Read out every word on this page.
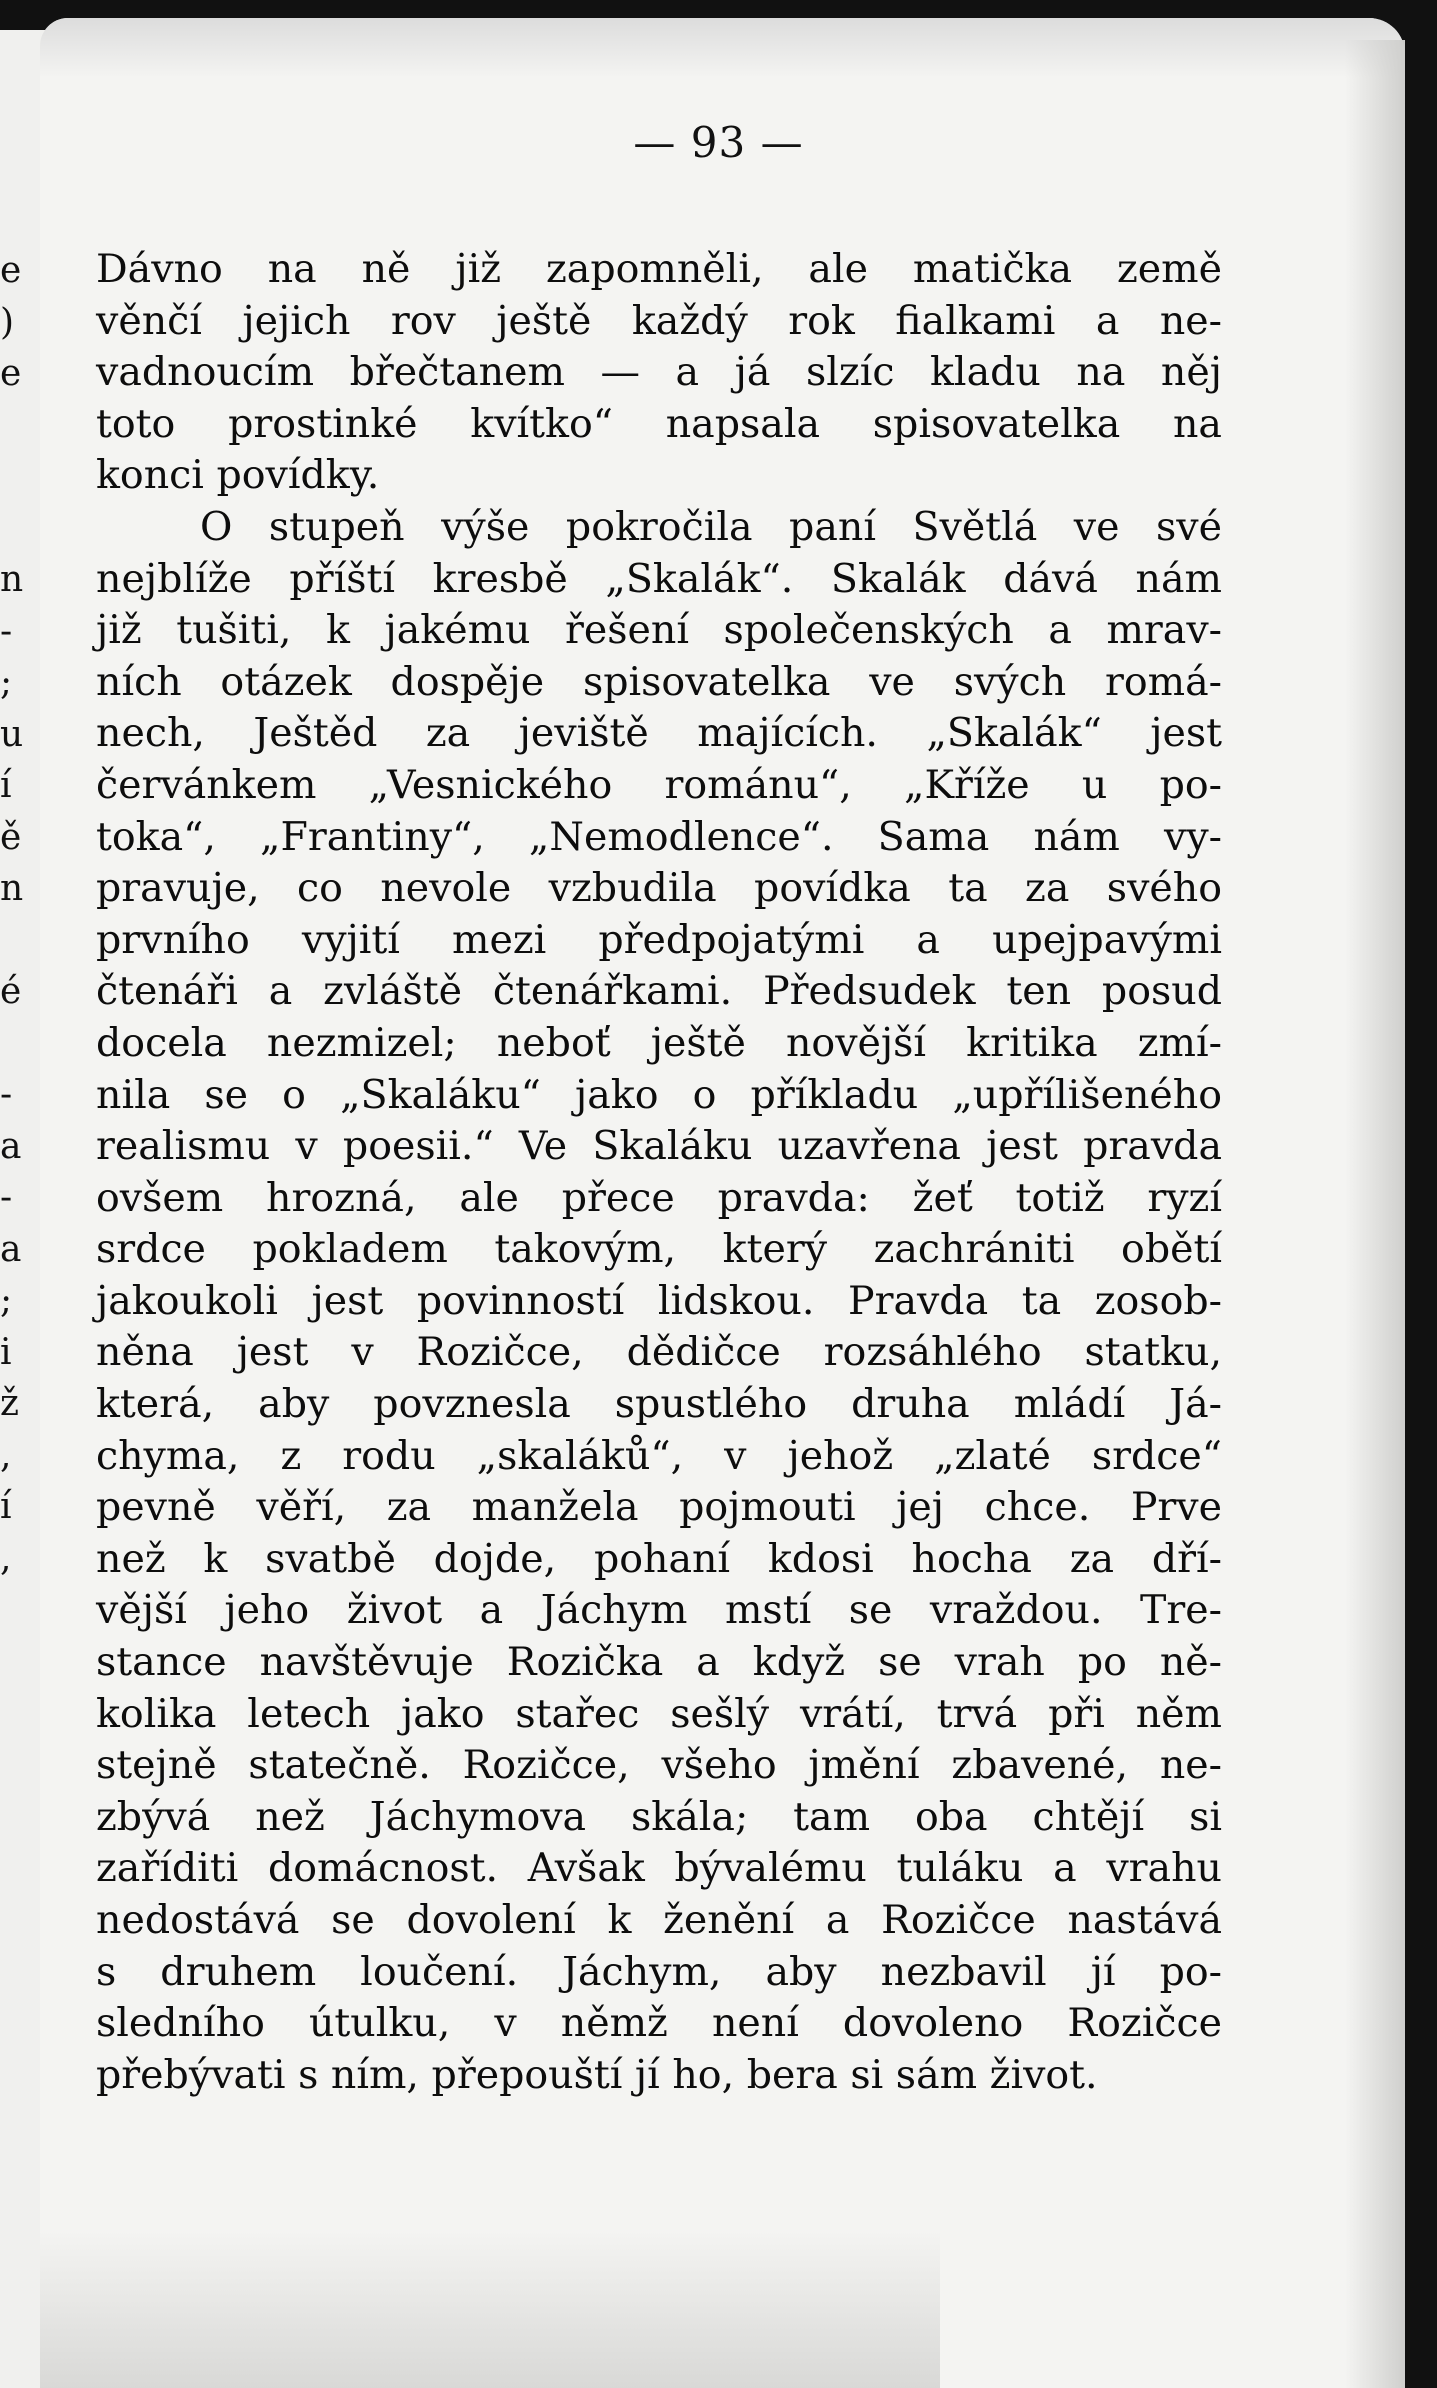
e
)
e
n
-
;
u
í
ě
n
é
-
a
-
a
;
i
ž
,
í
,
— 93 —
Dávno na ně již zapomněli, ale matička země
věnčí jejich rov ještě každý rok fialkami a ne-
vadnoucím břečtanem — a já slzíc kladu na něj
toto prostinké kvítko“ napsala spisovatelka na
konci povídky.
O stupeň výše pokročila paní Světlá ve své
nejblíže příští kresbě „Skalák“. Skalák dává nám
již tušiti, k jakému řešení společenských a mrav-
ních otázek dospěje spisovatelka ve svých romá-
nech, Ještěd za jeviště majících. „Skalák“ jest
červánkem „Vesnického románu“, „Kříže u po-
toka“, „Frantiny“, „Nemodlence“. Sama nám vy-
pravuje, co nevole vzbudila povídka ta za svého
prvního vyjití mezi předpojatými a upejpavými
čtenáři a zvláště čtenářkami. Předsudek ten posud
docela nezmizel; neboť ještě novější kritika zmí-
nila se o „Skaláku“ jako o příkladu „upřílišeného
realismu v poesii.“ Ve Skaláku uzavřena jest pravda
ovšem hrozná, ale přece pravda: žeť totiž ryzí
srdce pokladem takovým, který zachrániti obětí
jakoukoli jest povinností lidskou. Pravda ta zosob-
něna jest v Rozičce, dědičce rozsáhlého statku,
která, aby povznesla spustlého druha mládí Já-
chyma, z rodu „skaláků“, v jehož „zlaté srdce“
pevně věří, za manžela pojmouti jej chce. Prve
než k svatbě dojde, pohaní kdosi hocha za dří-
vější jeho život a Jáchym mstí se vraždou. Tre-
stance navštěvuje Rozička a když se vrah po ně-
kolika letech jako stařec sešlý vrátí, trvá při něm
stejně statečně. Rozičce, všeho jmění zbavené, ne-
zbývá než Jáchymova skála; tam oba chtějí si
zaříditi domácnost. Avšak bývalému tuláku a vrahu
nedostává se dovolení k ženění a Rozičce nastává
s druhem loučení. Jáchym, aby nezbavil jí po-
sledního útulku, v němž není dovoleno Rozičce
přebývati s ním, přepouští jí ho, bera si sám život.
